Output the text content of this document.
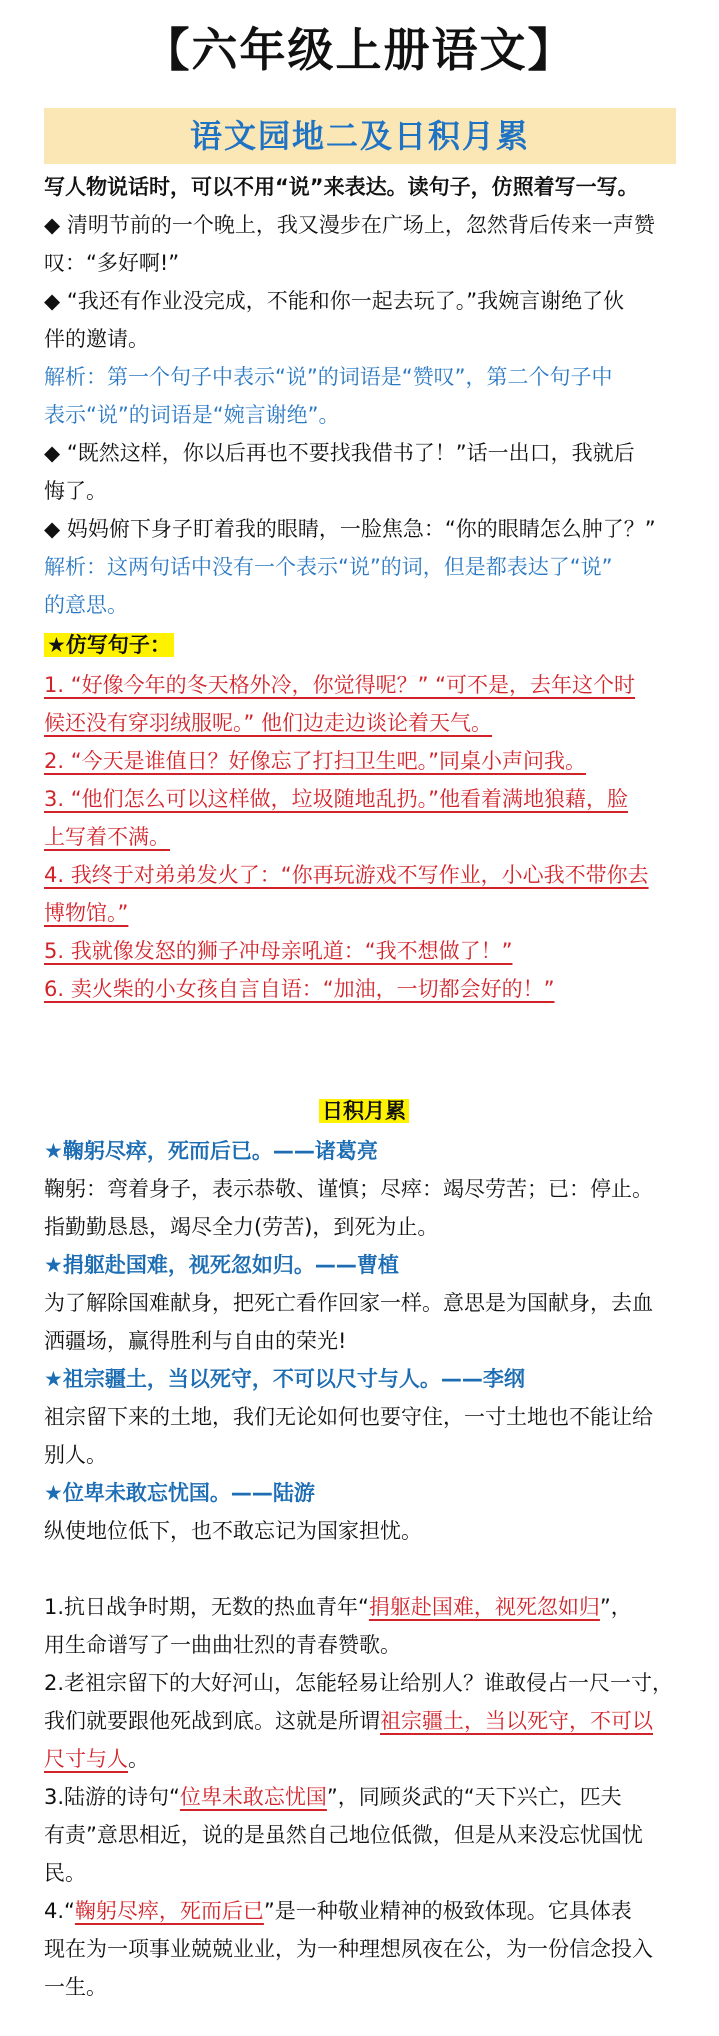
【六年级上册语文】
语文园地二及日积月累
写人物说话时，可以不用“说”来表达。读句子，仿照着写一写。
◆ 清明节前的一个晚上，我又漫步在广场上，忽然背后传来一声赞
叹：“多好啊!”
◆ “我还有作业没完成，不能和你一起去玩了。”我婉言谢绝了伙
伴的邀请。
解析：第一个句子中表示“说”的词语是“赞叹”，第二个句子中
表示“说”的词语是“婉言谢绝”。
◆ “既然这样，你以后再也不要找我借书了！”话一出口，我就后
悔了。
◆ 妈妈俯下身子盯着我的眼睛，一脸焦急：“你的眼睛怎么肿了？”
解析：这两句话中没有一个表示“说”的词，但是都表达了“说”
的意思。
★仿写句子：
1. “好像今年的冬天格外冷，你觉得呢？” “可不是，去年这个时
候还没有穿羽绒服呢。” 他们边走边谈论着天气。
2. “今天是谁值日？好像忘了打扫卫生吧。”同桌小声问我。
3. “他们怎么可以这样做，垃圾随地乱扔。”他看着满地狼藉，脸
上写着不满。
4. 我终于对弟弟发火了：“你再玩游戏不写作业，小心我不带你去
博物馆。”
5. 我就像发怒的狮子冲母亲吼道：“我不想做了！”
6. 卖火柴的小女孩自言自语：“加油，一切都会好的！”
日积月累
★鞠躬尽瘁，死而后已。——诸葛亮
鞠躬：弯着身子，表示恭敬、谨慎；尽瘁：竭尽劳苦；已：停止。
指勤勤恳恳，竭尽全力(劳苦)，到死为止。
★捐躯赴国难，视死忽如归。——曹植
为了解除国难献身，把死亡看作回家一样。意思是为国献身，去血
洒疆场，赢得胜利与自由的荣光!
★祖宗疆土，当以死守，不可以尺寸与人。——李纲
祖宗留下来的土地，我们无论如何也要守住，一寸土地也不能让给
别人。
★位卑未敢忘忧国。——陆游
纵使地位低下，也不敢忘记为国家担忧。
1.抗日战争时期，无数的热血青年“捐躯赴国难，视死忽如归”，
用生命谱写了一曲曲壮烈的青春赞歌。
2.老祖宗留下的大好河山，怎能轻易让给别人？谁敢侵占一尺一寸，
我们就要跟他死战到底。这就是所谓祖宗疆土，当以死守，不可以
尺寸与人。
3.陆游的诗句“位卑未敢忘忧国”，同顾炎武的“天下兴亡，匹夫
有责”意思相近，说的是虽然自己地位低微，但是从来没忘忧国忧
民。
4.“鞠躬尽瘁，死而后已”是一种敬业精神的极致体现。它具体表
现在为一项事业兢兢业业，为一种理想夙夜在公，为一份信念投入
一生。
